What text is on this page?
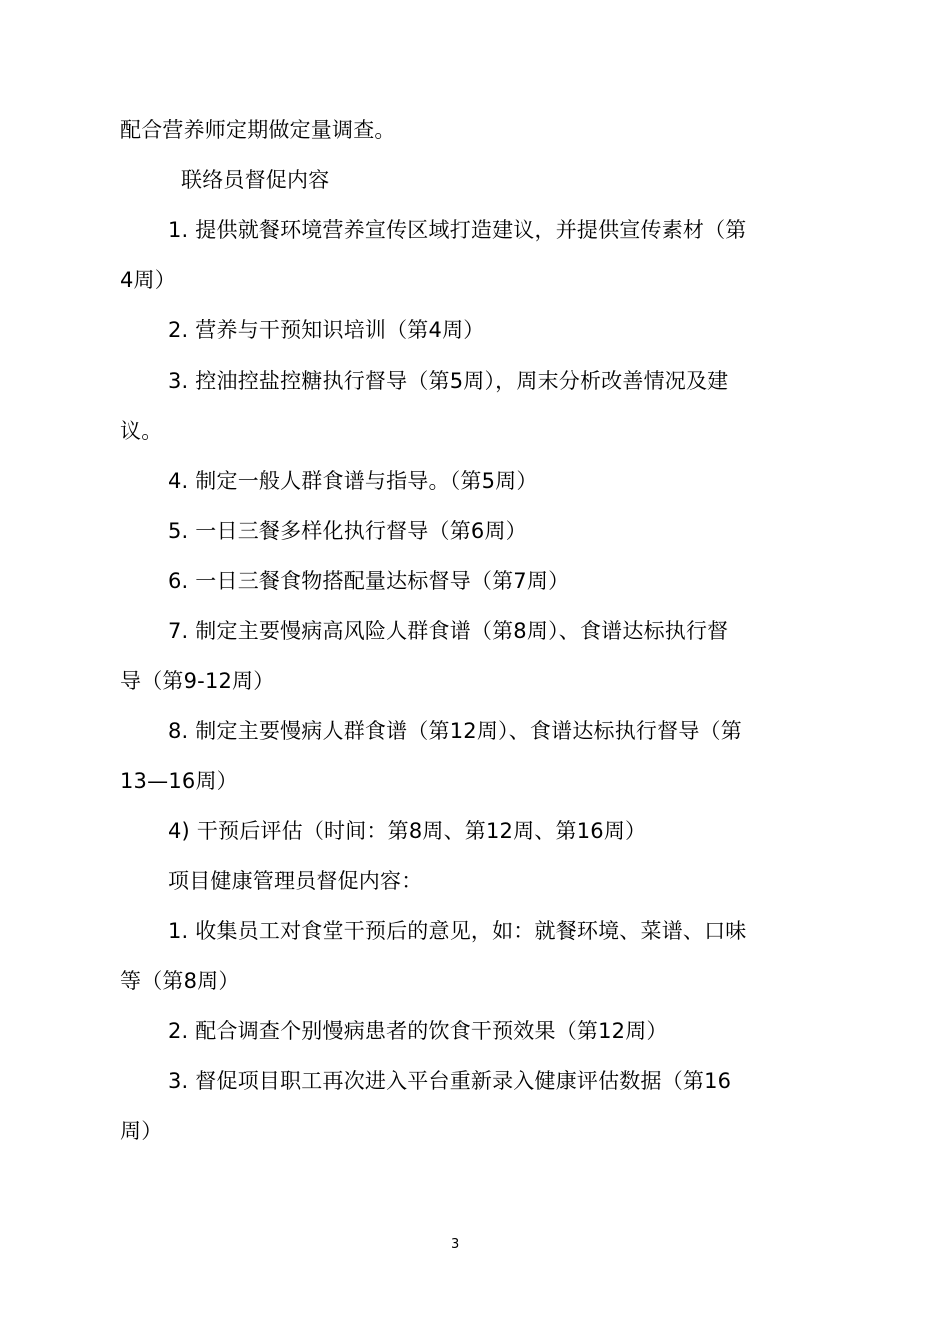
配合营养师定期做定量调查。
联络员督促内容
1. 提供就餐环境营养宣传区域打造建议，并提供宣传素材（第
4周）
2. 营养与干预知识培训（第4周）
3. 控油控盐控糖执行督导（第5周），周末分析改善情况及建
议。
4. 制定一般人群食谱与指导。（第5周）
5. 一日三餐多样化执行督导（第6周）
6. 一日三餐食物搭配量达标督导（第7周）
7. 制定主要慢病高风险人群食谱（第8周）、食谱达标执行督
导（第9-12周）
8. 制定主要慢病人群食谱（第12周）、食谱达标执行督导（第
13—16周）
4) 干预后评估（时间：第8周、第12周、第16周）
项目健康管理员督促内容：
1. 收集员工对食堂干预后的意见，如：就餐环境、菜谱、口味
等（第8周）
2. 配合调查个别慢病患者的饮食干预效果（第12周）
3. 督促项目职工再次进入平台重新录入健康评估数据（第16
周）
3
